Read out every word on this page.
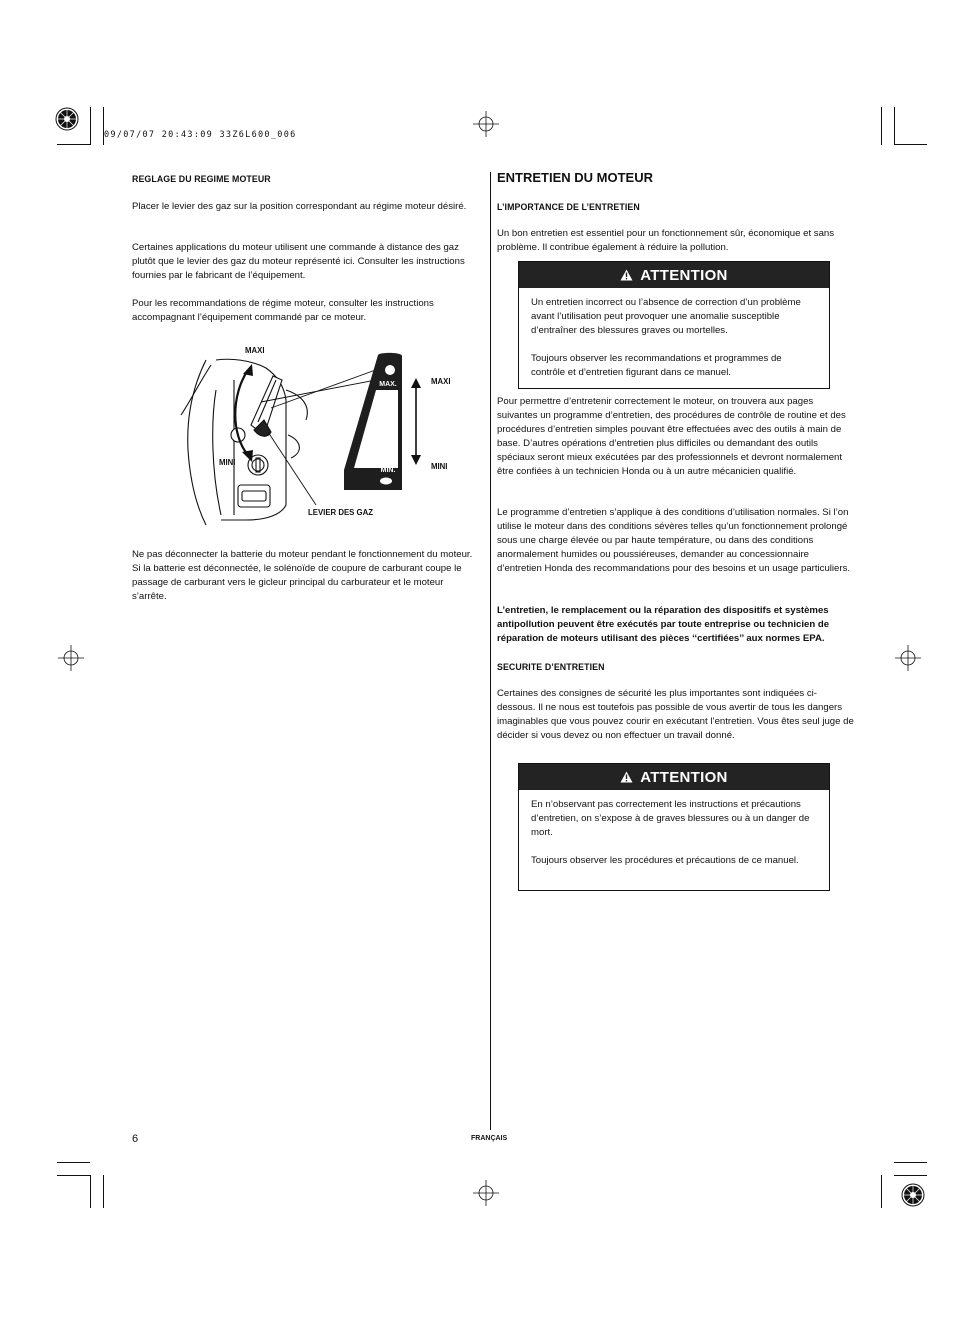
09/07/07 20:43:09 33Z6L600_006
REGLAGE DU REGIME MOTEUR

Placer le levier des gaz sur la position correspondant au régime moteur désiré.

Certaines applications du moteur utilisent une commande à distance des gaz plutôt que le levier des gaz du moteur représenté ici. Consulter les instructions fournies par le fabricant de l’équipement.

Pour les recommandations de régime moteur, consulter les instructions accompagnant l’équipement commandé par ce moteur.

MAX.
MIN.
MAXI
MINI
MAXI
MINI
LEVIER DES GAZ

Ne pas déconnecter la batterie du moteur pendant le fonctionnement du moteur. Si la batterie est déconnectée, le solénoïde de coupure de carburant coupe le passage de carburant vers le gicleur principal du carburateur et le moteur s’arrête.

ENTRETIEN DU MOTEUR
L’IMPORTANCE DE L’ENTRETIEN

Un bon entretien est essentiel pour un fonctionnement sûr, économique et sans problème. Il contribue également à réduire la pollution.

ATTENTION

Un entretien incorrect ou l’absence de correction d’un problème avant l’utilisation peut provoquer une anomalie susceptible d’entraîner des blessures graves ou mortelles.

Toujours observer les recommandations et programmes de contrôle et d’entretien figurant dans ce manuel.

Pour permettre d’entretenir correctement le moteur, on trouvera aux pages suivantes un programme d’entretien, des procédures de contrôle de routine et des procédures d’entretien simples pouvant être effectuées avec des outils à main de base. D’autres opérations d’entretien plus difficiles ou demandant des outils spéciaux seront mieux exécutées par des professionnels et devront normalement être confiées à un technicien Honda ou à un autre mécanicien qualifié.

Le programme d’entretien s’applique à des conditions d’utilisation normales. Si l’on utilise le moteur dans des conditions sévères telles qu’un fonctionnement prolongé sous une charge élevée ou par haute température, ou dans des conditions anormalement humides ou poussiéreuses, demander au concessionnaire d’entretien Honda des recommandations pour des besoins et un usage particuliers.

L’entretien, le remplacement ou la réparation des dispositifs et systèmes antipollution peuvent être exécutés par toute entreprise ou technicien de réparation de moteurs utilisant des pièces ‘‘certifiées’’ aux normes EPA.

SECURITE D’ENTRETIEN

Certaines des consignes de sécurité les plus importantes sont indiquées ci-dessous. Il ne nous est toutefois pas possible de vous avertir de tous les dangers imaginables que vous pouvez courir en exécutant l’entretien. Vous êtes seul juge de décider si vous devez ou non effectuer un travail donné.

ATTENTION

En n’observant pas correctement les instructions et précautions d’entretien, on s’expose à de graves blessures ou à un danger de mort.

Toujours observer les procédures et précautions de ce manuel.

6	FRANÇAIS
